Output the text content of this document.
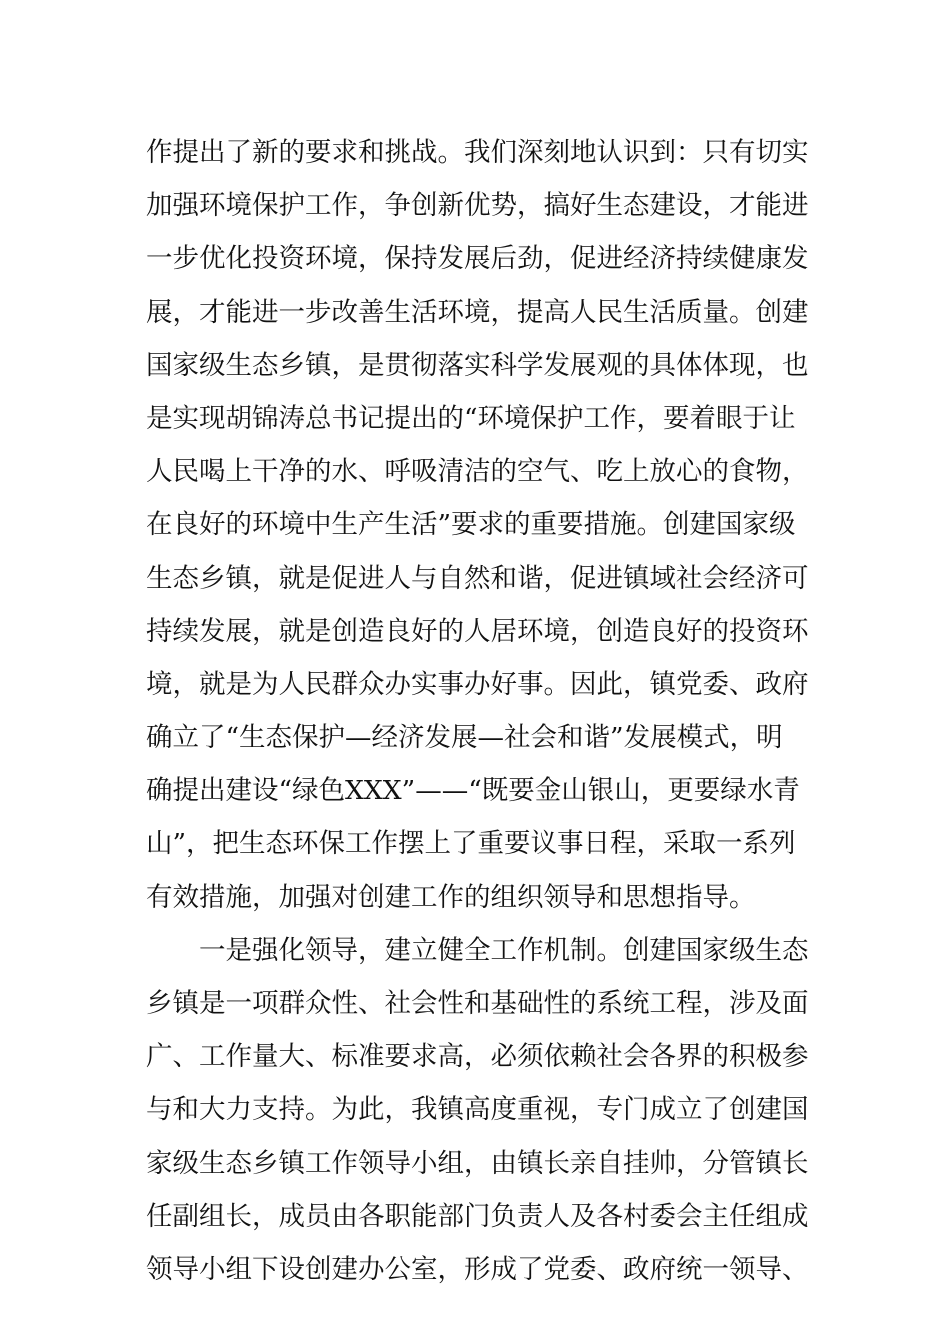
作提出了新的要求和挑战。我们深刻地认识到：只有切实
加强环境保护工作，争创新优势，搞好生态建设，才能进
一步优化投资环境，保持发展后劲，促进经济持续健康发
展，才能进一步改善生活环境，提高人民生活质量。创建
国家级生态乡镇，是贯彻落实科学发展观的具体体现，也
是实现胡锦涛总书记提出的“环境保护工作，要着眼于让
人民喝上干净的水、呼吸清洁的空气、吃上放心的食物，
在良好的环境中生产生活”要求的重要措施。创建国家级
生态乡镇，就是促进人与自然和谐，促进镇域社会经济可
持续发展，就是创造良好的人居环境，创造良好的投资环
境，就是为人民群众办实事办好事。因此，镇党委、政府
确立了“生态保护—经济发展—社会和谐”发展模式，明
确提出建设“绿色XXX”——“既要金山银山，更要绿水青
山”，把生态环保工作摆上了重要议事日程，采取一系列
有效措施，加强对创建工作的组织领导和思想指导。
一是强化领导，建立健全工作机制。创建国家级生态
乡镇是一项群众性、社会性和基础性的系统工程，涉及面
广、工作量大、标准要求高，必须依赖社会各界的积极参
与和大力支持。为此，我镇高度重视，专门成立了创建国
家级生态乡镇工作领导小组，由镇长亲自挂帅，分管镇长
任副组长，成员由各职能部门负责人及各村委会主任组成
领导小组下设创建办公室，形成了党委、政府统一领导、
